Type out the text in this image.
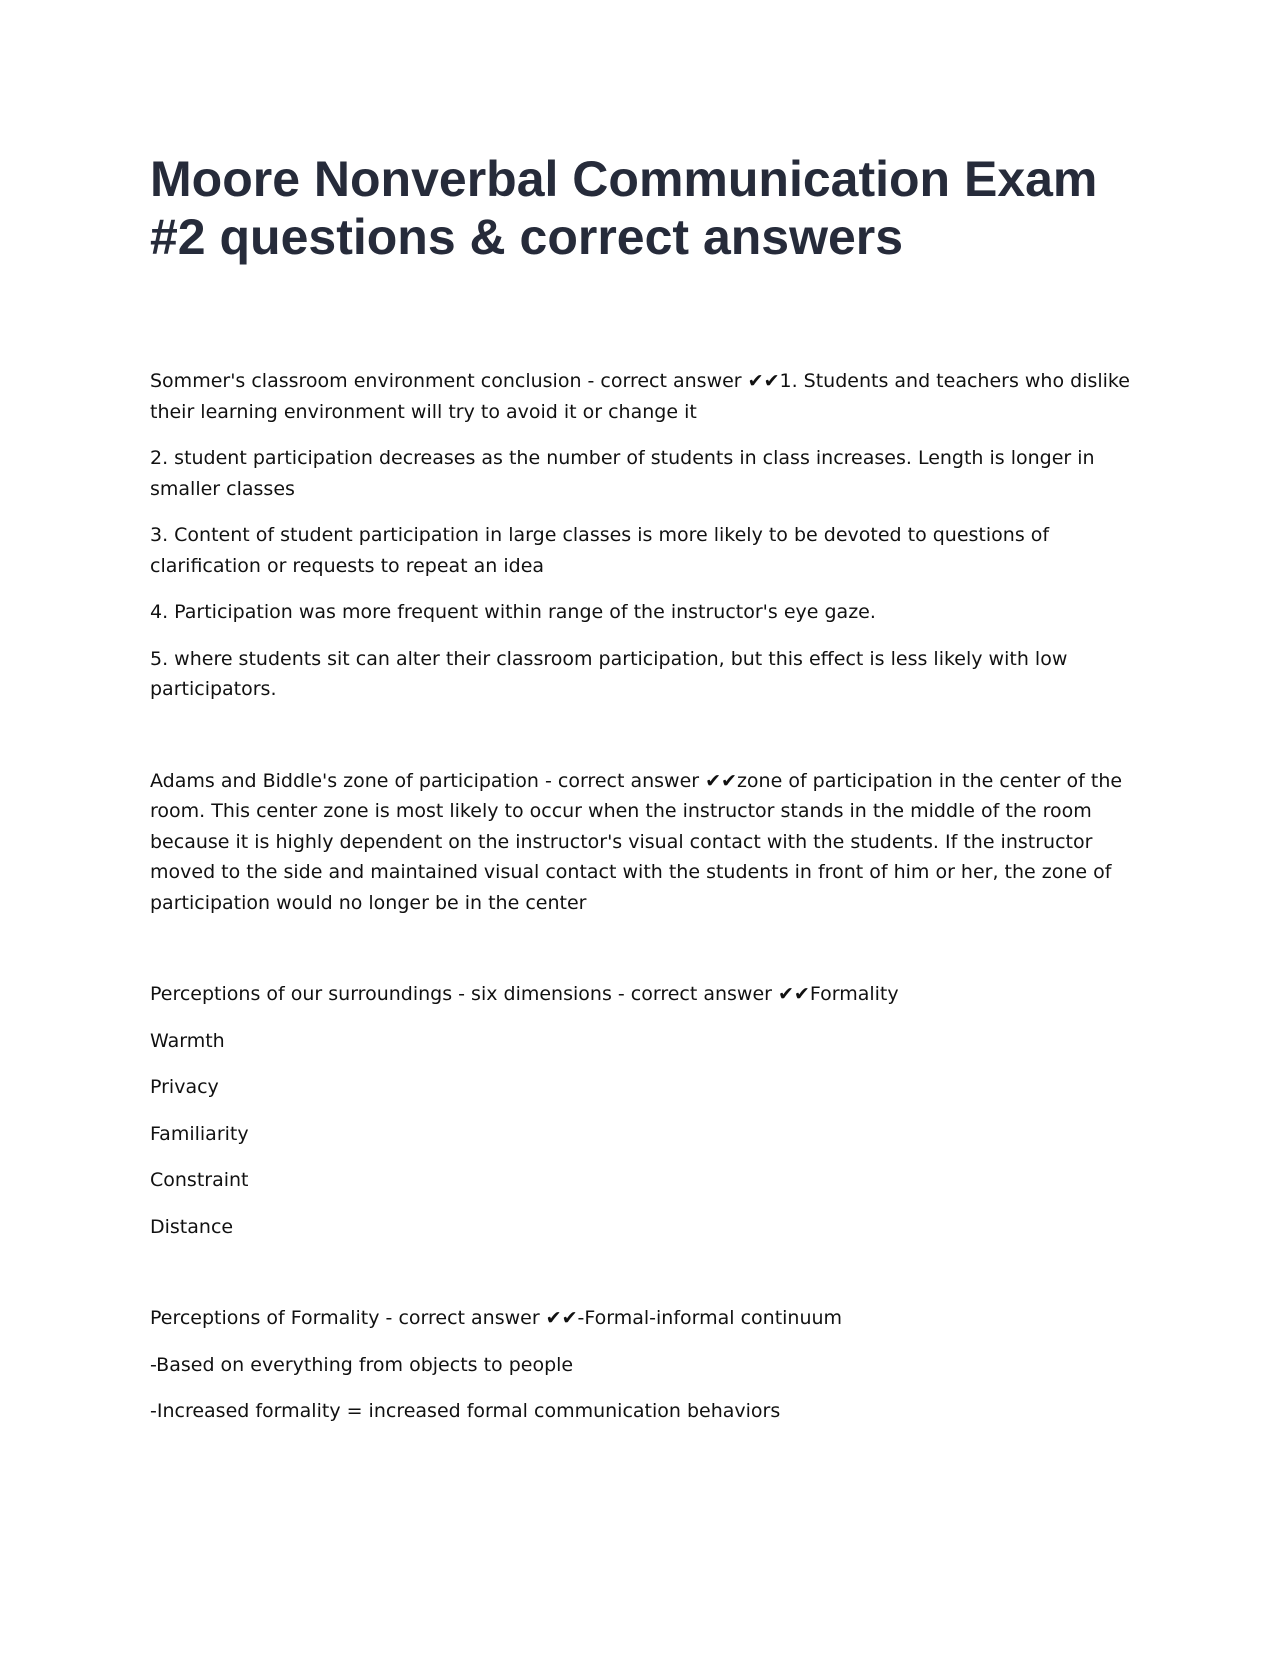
Moore Nonverbal Communication Exam #2 questions & correct answers

Sommer's classroom environment conclusion - correct answer ✔✔1. Students and teachers who dislike their learning environment will try to avoid it or change it

2. student participation decreases as the number of students in class increases. Length is longer in smaller classes

3. Content of student participation in large classes is more likely to be devoted to questions of clarification or requests to repeat an idea

4. Participation was more frequent within range of the instructor's eye gaze.

5. where students sit can alter their classroom participation, but this effect is less likely with low participators.

Adams and Biddle's zone of participation - correct answer ✔✔zone of participation in the center of the room. This center zone is most likely to occur when the instructor stands in the middle of the room because it is highly dependent on the instructor's visual contact with the students. If the instructor moved to the side and maintained visual contact with the students in front of him or her, the zone of participation would no longer be in the center

Perceptions of our surroundings - six dimensions - correct answer ✔✔Formality

Warmth

Privacy

Familiarity

Constraint

Distance

Perceptions of Formality - correct answer ✔✔-Formal-informal continuum

-Based on everything from objects to people

-Increased formality = increased formal communication behaviors
